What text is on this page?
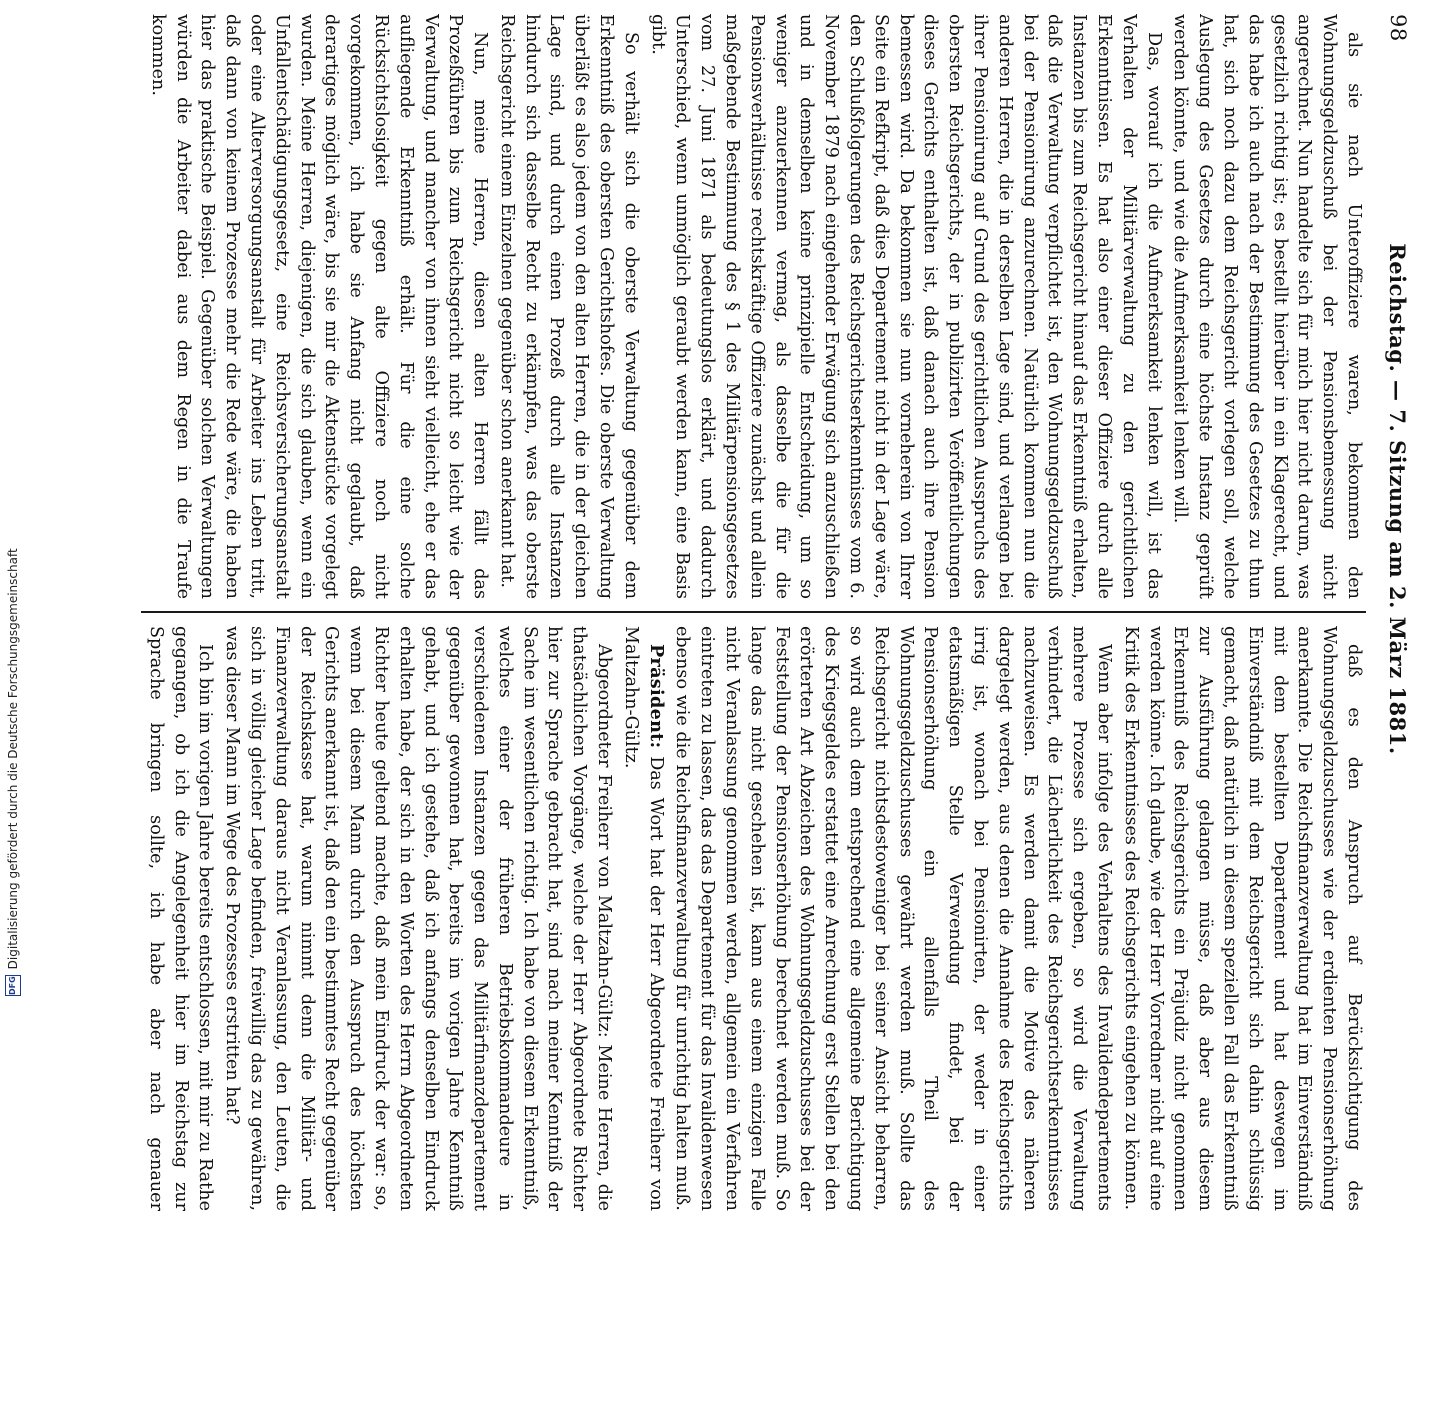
98
Reichstag. — 7. Sitzung am 2. März 1881.

als sie nach Unteroffiziere waren, bekommen den Wohnungsgeldzuschuß bei der Pensionsbemessung nicht angerechnet. Nun handelte sich für mich hier nicht darum, was gesetzlich richtig ist; es bestellt hierüber in ein Klagerecht, und das habe ich auch nach der Bestimmung des Gesetzes zu thun hat, sich noch dazu dem Reichsgericht vorlegen soll, welche Auslegung des Gesetzes durch eine höchste Instanz geprüft werden könnte, und wie die Aufmerksamkeit lenken will.

Das, worauf ich die Aufmerksamkeit lenken will, ist das Verhalten der Militärverwaltung zu den gerichtlichen Erkenntnissen. Es hat also einer dieser Offiziere durch alle Instanzen bis zum Reichsgericht hinauf das Erkenntniß erhalten, daß die Verwaltung verpflichtet ist, den Wohnungsgeldzuschuß bei der Pensionirung anzurechnen. Natürlich kommen nun die anderen Herren, die in derselben Lage sind, und verlangen bei ihrer Pensionirung auf Grund des gerichtlichen Ausspruchs des obersten Reichsgerichts, der in publizirten Veröffentlichungen dieses Gerichts enthalten ist, daß danach auch ihre Pension bemessen wird. Da bekommen sie nun vorneherein von Ihrer Seite ein Refkript, daß dies Departement nicht in der Lage wäre, den Schlußfolgerungen des Reichsgerichtserkenntnisses vom 6. November 1879 nach eingehender Erwägung sich anzuschließen und in demselben keine prinzipielle Entscheidung, um so weniger anzuerkennen vermag, als dasselbe die für die Pensionsverhältnisse rechtskräftige Offiziere zunächst und allein maßgebende Bestimmung des § 1 des Militärpensionsgesetzes vom 27. Juni 1871 als bedeutungslos erklärt, und dadurch Unterschied, wenn unmöglich geraubt werden kann, eine Basis gibt.

So verhält sich die oberste Verwaltung gegenüber dem Erkenntniß des obersten Gerichtshofes. Die oberste Verwaltung überläßt es also jedem von den alten Herren, die in der gleichen Lage sind, und durch einen Prozeß durch alle Instanzen hindurch sich dasselbe Recht zu erkämpfen, was das oberste Reichsgericht einem Einzelnen gegenüber schon anerkannt hat.

Nun, meine Herren, diesen alten Herren fällt das Prozeßführen bis zum Reichsgericht nicht so leicht wie der Verwaltung, und mancher von ihnen sieht vielleicht, ehe er das aufliegende Erkenntniß erhält. Für die eine solche Rücksichtslosigkeit gegen alte Offiziere noch nicht vorgekommen, ich habe sie Anfang nicht geglaubt, daß derartiges möglich wäre, bis sie mir die Aktenstücke vorgelegt wurden. Meine Herren, diejenigen, die sich glauben, wenn ein Unfallentschädigungsgesetz, eine Reichsversicherungsanstalt oder eine Alterversorgungsanstalt für Arbeiter ins Leben tritt, daß dann von keinem Prozesse mehr die Rede wäre, die haben hier das praktische Beispiel. Gegenüber solchen Verwaltungen würden die Arbeiter dabei aus dem Regen in die Traufe kommen.

daß es den Anspruch auf Berücksichtigung des Wohnungsgeldzuschusses wie der erdienten Pensionserhöhung anerkannte. Die Reichsfinanzverwaltung hat im Einverständniß mit dem bestellten Departement und hat deswegen im Einverständniß mit dem Reichsgericht sich dahin schlüssig gemacht, daß natürlich in diesem speziellen Fall das Erkenntniß zur Ausführung gelangen müsse, daß aber aus diesem Erkenntniß des Reichsgerichts ein Präjudiz nicht genommen werden könne. Ich glaube, wie der Herr Vorredner nicht auf eine Kritik des Erkenntnisses des Reichsgerichts eingehen zu können.

Wenn aber infolge des Verhaltens des Invalidendepartements mehrere Prozesse sich ergeben, so wird die Verwaltung verhindert, die Lächerlichkeit des Reichsgerichtserkenntnisses nachzuweisen. Es werden damit die Motive des näheren dargelegt werden, aus denen die Annahme des Reichsgerichts irrig ist, wonach bei Pensionirten, der weder in einer etatsmäßigen Stelle Verwendung findet, bei der Pensionserhöhung ein allenfalls Theil des Wohnungsgeldzuschusses gewährt werden muß. Sollte das Reichsgericht nichtsdestoweniger bei seiner Ansicht beharren, so wird auch dem entsprechend eine allgemeine Berichtigung des Kriegsgeldes erstattet eine Anrechnung erst Stellen bei den erörterten Art Abzeichen des Wohnungsgeldzuschusses bei der Feststellung der Pensionserhöhung berechnet werden muß. So lange das nicht geschehen ist, kann aus einem einzigen Falle nicht Veranlassung genommen werden, allgemein ein Verfahren eintreten zu lassen, das das Departement für das Invalidenwesen ebenso wie die Reichsfinanzverwaltung für unrichtig halten muß.

Präsident: Das Wort hat der Herr Abgeordnete Freiherr von Maltzahn-Gültz.

Abgeordneter Freiherr von Maltzahn-Gültz: Meine Herren, die thatsächlichen Vorgänge, welche der Herr Abgeordnete Richter hier zur Sprache gebracht hat, sind nach meiner Kenntniß der Sache im wesentlichen richtig. Ich habe von diesem Erkenntniß, welches einer der früheren Betriebskommandeure in verschiedenen Instanzen gegen das Militärfinanzdepartement gegenüber gewonnen hat, bereits im vorigen Jahre Kenntniß gehabt, und ich gestehe, daß ich anfangs denselben Eindruck erhalten habe, der sich in den Worten des Herrn Abgeordneten Richter heute geltend machte, daß mein Eindruck der war: so, wenn bei diesem Mann durch den Ausspruch des höchsten Gerichts anerkannt ist, daß den ein bestimmtes Recht gegenüber der Reichskasse hat, warum nimmt denn die Militär- und Finanzverwaltung daraus nicht Veranlassung, den Leuten, die sich in völlig gleicher Lage befinden, freiwillig das zu gewähren, was dieser Mann im Wege des Prozesses erstritten hat?

Ich bin im vorigen Jahre bereits entschlossen, mit mir zu Rathe gegangen, ob ich die Angelegenheit hier im Reichstag zur Sprache bringen sollte, ich habe aber nach genauer

DFG
Digitalisierung gefördert durch die Deutsche Forschungsgemeinschaft
